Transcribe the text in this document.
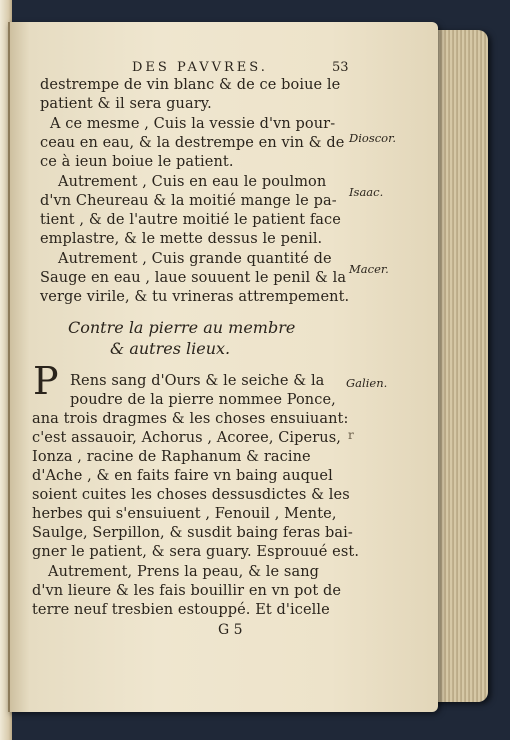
DES PAVVRES.	53
destrempe de vin blanc & de ce boiue le
patient & il sera guary.
A ce mesme , Cuis la vessie d'vn pour-
ceau en eau, & la destrempe en vin & de
ce à ieun boiue le patient.
Autrement , Cuis en eau le poulmon
d'vn Cheureau & la moitié mange le pa-
tient , & de l'autre moitié le patient face
emplastre, & le mette dessus le penil.
Autrement , Cuis grande quantité de
Sauge en eau , laue souuent le penil & la
verge virile, & tu vrineras attrempement.
Contre la pierre au membre
& autres lieux.
P Rens sang d'Ours & le seiche & la
poudre de la pierre nommee Ponce,
ana trois dragmes & les choses ensuiuant:
c'est assauoir, Achorus , Acoree, Ciperus,
Ionza , racine de Raphanum & racine
d'Ache , & en faits faire vn baing auquel
soient cuites les choses dessusdictes & les
herbes qui s'ensuiuent , Fenouil , Mente,
Saulge, Serpillon, & susdit baing feras bai-
gner le patient, & sera guary. Esprouué est.
Autrement, Prens la peau, & le sang
d'vn lieure & les fais bouillir en vn pot de
terre neuf tresbien estouppé. Et d'icelle
G 5
Dioscor.
Isaac.
Macer.
Galien.
r
